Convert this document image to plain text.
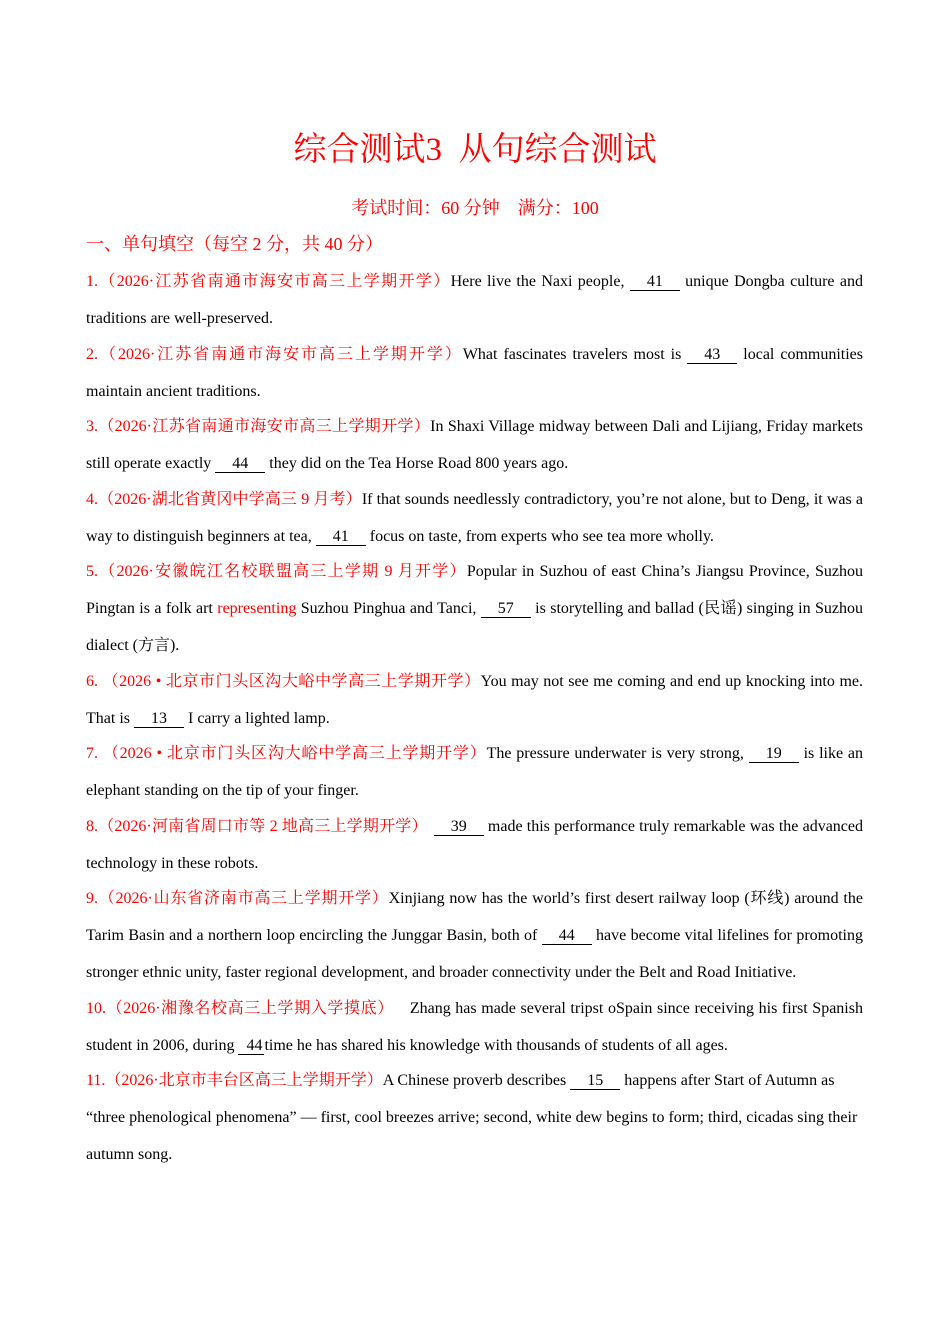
综合测试3  从句综合测试
考试时间：60 分钟    满分：100
一、单句填空（每空 2 分，共 40 分）

1.（2026·江苏省南通市海安市高三上学期开学）Here live the Naxi people, 41 unique Dongba culture and traditions are well-preserved.

2.（2026·江苏省南通市海安市高三上学期开学）What fascinates travelers most is 43 local communities maintain ancient traditions.

3.（2026·江苏省南通市海安市高三上学期开学）In Shaxi Village midway between Dali and Lijiang, Friday markets still operate exactly 44 they did on the Tea Horse Road 800 years ago.

4.（2026·湖北省黄冈中学高三 9 月考）If that sounds needlessly contradictory, you’re not alone, but to Deng, it was a way to distinguish beginners at tea, 41 focus on taste, from experts who see tea more wholly.

5.（2026·安徽皖江名校联盟高三上学期 9 月开学）Popular in Suzhou of east China’s Jiangsu Province, Suzhou Pingtan is a folk art representing Suzhou Pinghua and Tanci, 57 is storytelling and ballad (民谣) singing in Suzhou dialect (方言).

6. （2026 • 北京市门头区沟大峪中学高三上学期开学）You may not see me coming and end up knocking into me. That is 13 I carry a lighted lamp.

7. （2026 • 北京市门头区沟大峪中学高三上学期开学）The pressure underwater is very strong, 19 is like an elephant standing on the tip of your finger.

8.（2026·河南省周口市等 2 地高三上学期开学） 39 made this performance truly remarkable was the advanced technology in these robots.

9.（2026·山东省济南市高三上学期开学）Xinjiang now has the world’s first desert railway loop (环线) around the Tarim Basin and a northern loop encircling the Junggar Basin, both of 44 have become vital lifelines for promoting stronger ethnic unity, faster regional development, and broader connectivity under the Belt and Road Initiative.

10.（2026·湘豫名校高三上学期入学摸底） Zhang has made several tripst oSpain since receiving his first Spanish student in 2006, during 44 time he has shared his knowledge with thousands of students of all ages.

11.（2026·北京市丰台区高三上学期开学）A Chinese proverb describes 15 happens after Start of Autumn as “three phenological phenomena” — first, cool breezes arrive; second, white dew begins to form; third, cicadas sing their autumn song.
